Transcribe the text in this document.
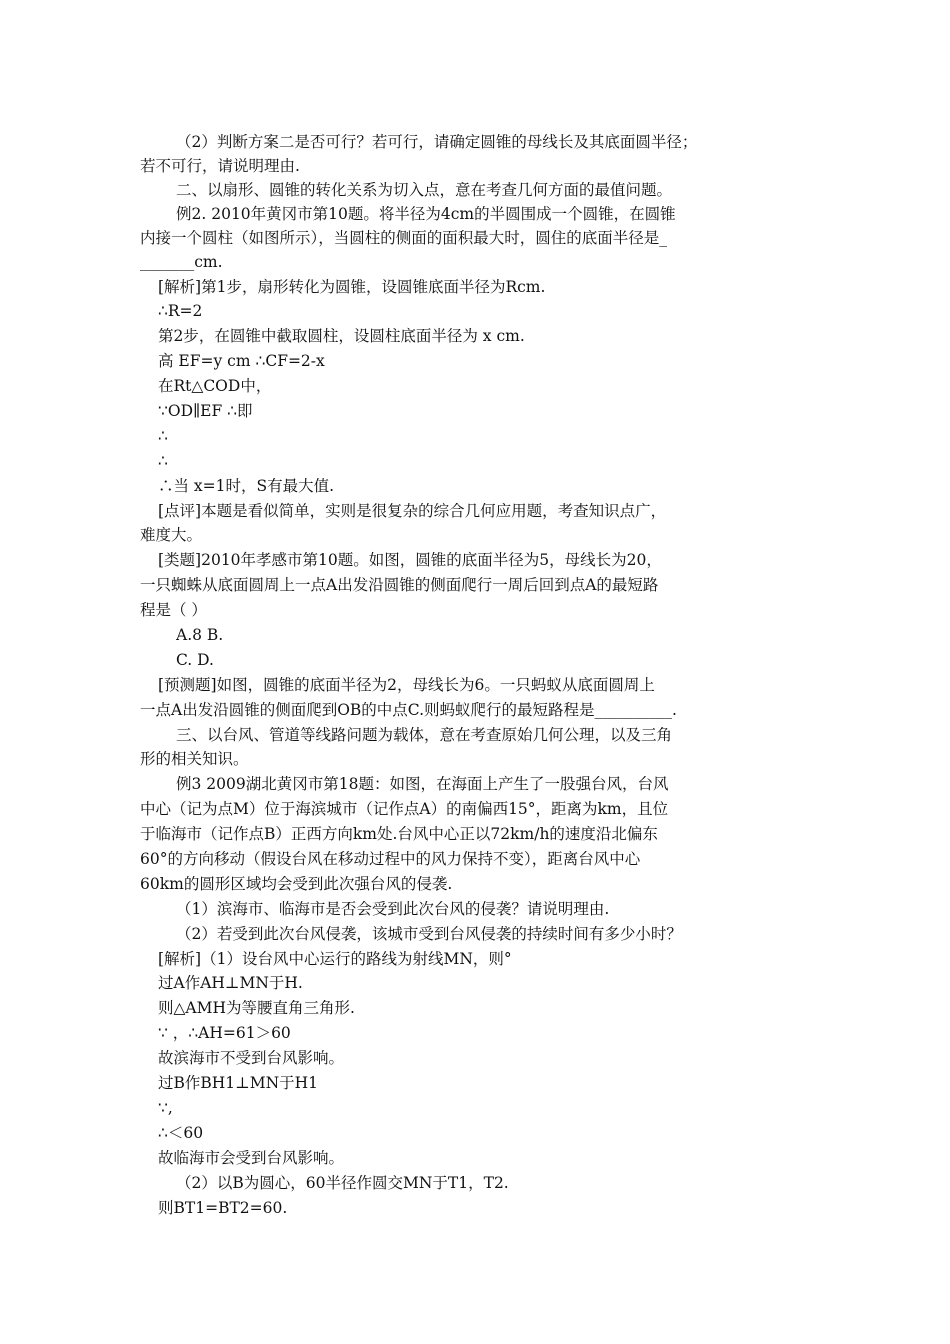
（2）判断方案二是否可行？若可行，请确定圆锥的母线长及其底面圆半径；
若不可行，请说明理由.
二、以扇形、圆锥的转化关系为切入点，意在考查几何方面的最值问题。
例2. 2010年黄冈市第10题。将半径为4cm的半圆围成一个圆锥，在圆锥
内接一个圆柱（如图所示），当圆柱的侧面的面积最大时，圆住的底面半径是_
_______cm.
[解析]第1步，扇形转化为圆锥，设圆锥底面半径为Rcm.
∴R=2
第2步，在圆锥中截取圆柱，设圆柱底面半径为 x cm.
高 EF=y cm ∴CF=2-x
在Rt△COD中，
∵OD∥EF ∴即
∴
∴
∴当 x=1时，S有最大值.
[点评]本题是看似简单，实则是很复杂的综合几何应用题，考查知识点广，
难度大。
[类题]2010年孝感市第10题。如图，圆锥的底面半径为5，母线长为20，
一只蜘蛛从底面圆周上一点A出发沿圆锥的侧面爬行一周后回到点A的最短路
程是（ ）
A.8 B.
C. D.
[预测题]如图，圆锥的底面半径为2，母线长为6。一只蚂蚁从底面圆周上
一点A出发沿圆锥的侧面爬到OB的中点C.则蚂蚁爬行的最短路程是__________.
三、以台风、管道等线路问题为载体，意在考查原始几何公理，以及三角
形的相关知识。
例3 2009湖北黄冈市第18题：如图，在海面上产生了一股强台风，台风
中心（记为点M）位于海滨城市（记作点A）的南偏西15°，距离为km，且位
于临海市（记作点B）正西方向km处.台风中心正以72km/h的速度沿北偏东
60°的方向移动（假设台风在移动过程中的风力保持不变），距离台风中心
60km的圆形区域均会受到此次强台风的侵袭.
（1）滨海市、临海市是否会受到此次台风的侵袭？请说明理由.
（2）若受到此次台风侵袭，该城市受到台风侵袭的持续时间有多少小时？
[解析]（1）设台风中心运行的路线为射线MN，则°
过A作AH⊥MN于H.
则△AMH为等腰直角三角形.
∵ ，∴AH=61＞60
故滨海市不受到台风影响。
过B作BH1⊥MN于H1
∵,
∴＜60
故临海市会受到台风影响。
（2）以B为圆心，60半径作圆交MN于T1，T2.
则BT1=BT2=60.
